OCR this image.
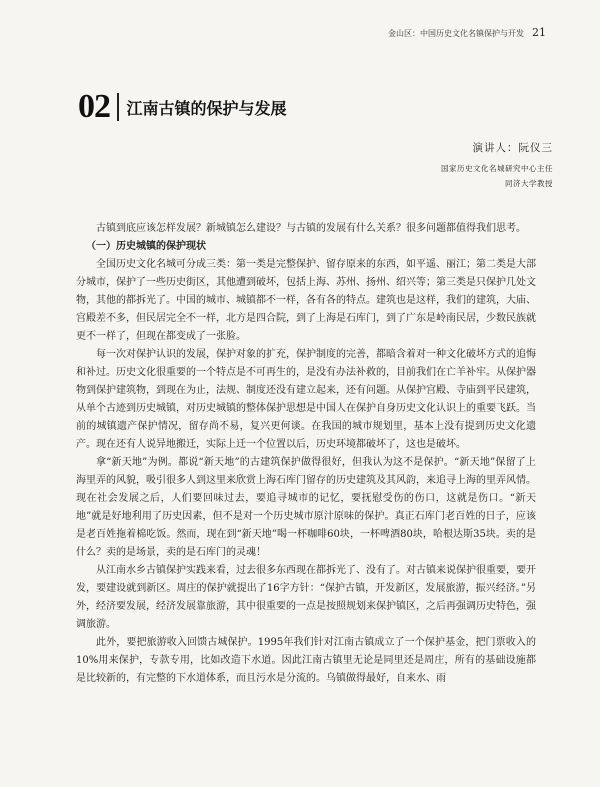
金山区：中国历史文化名镇保护与开发 21
02 江南古镇的保护与发展
演讲人：阮仪三
国家历史文化名城研究中心主任
同济大学教授

古镇到底应该怎样发展？新城镇怎么建设？与古镇的发展有什么关系？很多问题都值得我们思考。

（一）历史城镇的保护现状

全国历史文化名城可分成三类：第一类是完整保护、留存原来的东西，如平遥、丽江；第二类是大部分城市，保护了一些历史街区，其他遭到破坏，包括上海、苏州、扬州、绍兴等；第三类是只保护几处文物，其他的都拆光了。中国的城市、城镇都不一样，各有各的特点。建筑也是这样，我们的建筑，大庙、宫殿差不多，但民居完全不一样，北方是四合院，到了上海是石库门，到了广东是岭南民居，少数民族就更不一样了，但现在都变成了一张脸。

每一次对保护认识的发展，保护对象的扩充，保护制度的完善，都暗含着对一种文化破坏方式的追悔和补过。历史文化很重要的一个特点是不可再生的，是没有办法补救的，目前我们在亡羊补牢。从保护器物到保护建筑物，到现在为止，法规、制度还没有建立起来，还有问题。从保护宫殿、寺庙到平民建筑，从单个古迹到历史城镇，对历史城镇的整体保护思想是中国人在保护自身历史文化认识上的重要飞跃。当前的城镇遗产保护情况，留存尚不易，复兴更何谈。在我国的城市规划里，基本上没有提到历史文化遗产。现在还有人说异地搬迁，实际上迁一个位置以后，历史环境都破坏了，这也是破坏。

拿“新天地”为例。都说“新天地”的古建筑保护做得很好，但我认为这不是保护。“新天地”保留了上海里弄的风貌，吸引很多人到这里来欣赏上海石库门留存的历史建筑及其风韵，来追寻上海的里弄风情。现在社会发展之后，人们要回味过去，要追寻城市的记忆，要抚慰受伤的伤口，这就是伤口。“新天地”就是好地利用了历史因素，但不是对一个历史城市原汁原味的保护。真正石库门老百姓的日子，应该是老百姓拖着棉吃饭。然而，现在到“新天地”喝一杯咖啡60块，一杯啤酒80块，哈根达斯35块。卖的是什么？卖的是场景，卖的是石库门的灵魂！

从江南水乡古镇保护实践来看，过去很多东西现在都拆光了、没有了。对古镇来说保护很重要，要开发，要建设就到新区。周庄的保护就提出了16字方针：“保护古镇，开发新区，发展旅游，振兴经济。”另外，经济要发展，经济发展靠旅游，其中很重要的一点是按照规划来保护镇区，之后再强调历史特色，强调旅游。

此外，要把旅游收入回馈古城保护。1995年我们针对江南古镇成立了一个保护基金，把门票收入的10%用来保护，专款专用，比如改造下水道。因此江南古镇里无论是同里还是周庄，所有的基础设施都是比较新的，有完整的下水道体系，而且污水是分流的。乌镇做得最好，自来水、雨
